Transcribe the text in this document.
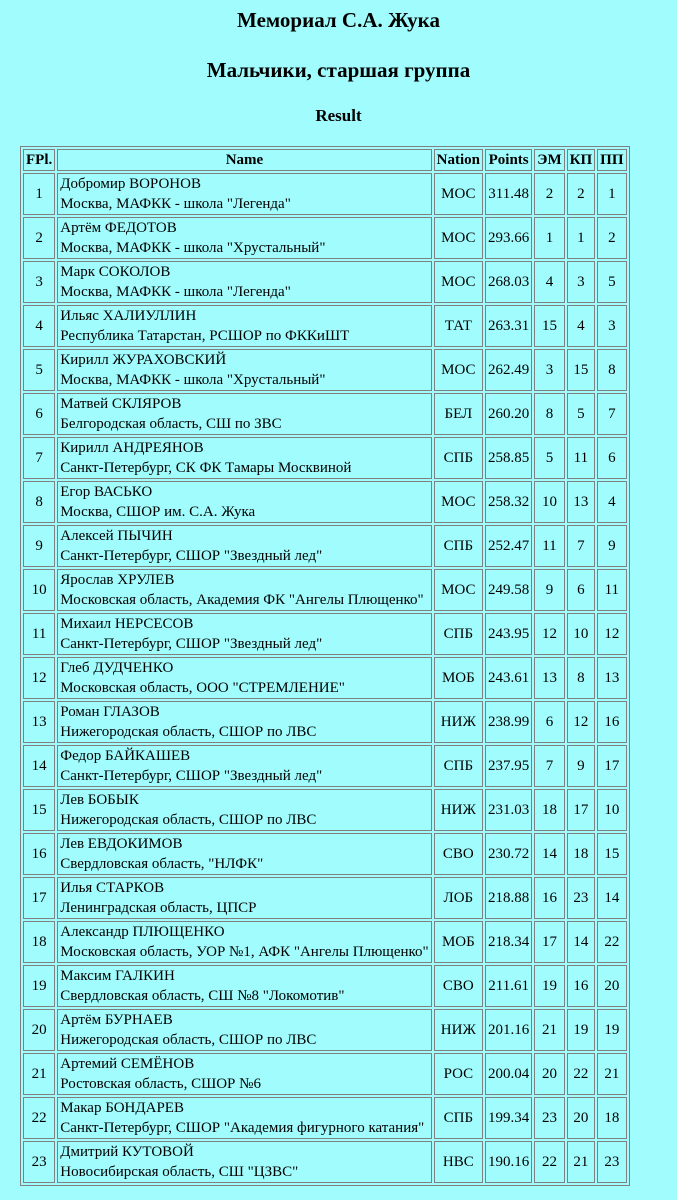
Мемориал С.А. Жука
Мальчики, старшая группа
Result
FPl.	Name	Nation	Points	ЭМ	КП	ПП
1	Добромир ВОРОНОВ
Москва, МАФКК - школа "Легенда"	МОС	311.48	2	2	1
2	Артём ФЕДОТОВ
Москва, МАФКК - школа "Хрустальный"	МОС	293.66	1	1	2
3	Марк СОКОЛОВ
Москва, МАФКК - школа "Легенда"	МОС	268.03	4	3	5
4	Ильяс ХАЛИУЛЛИН
Республика Татарстан, РСШОР по ФККиШТ	ТАТ	263.31	15	4	3
5	Кирилл ЖУРАХОВСКИЙ
Москва, МАФКК - школа "Хрустальный"	МОС	262.49	3	15	8
6	Матвей СКЛЯРОВ
Белгородская область, СШ по ЗВС	БЕЛ	260.20	8	5	7
7	Кирилл АНДРЕЯНОВ
Санкт-Петербург, СК ФК Тамары Москвиной	СПБ	258.85	5	11	6
8	Егор ВАСЬКО
Москва, СШОР им. С.А. Жука	МОС	258.32	10	13	4
9	Алексей ПЫЧИН
Санкт-Петербург, СШОР "Звездный лед"	СПБ	252.47	11	7	9
10	Ярослав ХРУЛЕВ
Московская область, Академия ФК "Ангелы Плющенко"	МОС	249.58	9	6	11
11	Михаил НЕРСЕСОВ
Санкт-Петербург, СШОР "Звездный лед"	СПБ	243.95	12	10	12
12	Глеб ДУДЧЕНКО
Московская область, ООО "СТРЕМЛЕНИЕ"	МОБ	243.61	13	8	13
13	Роман ГЛАЗОВ
Нижегородская область, СШОР по ЛВС	НИЖ	238.99	6	12	16
14	Федор БАЙКАШЕВ
Санкт-Петербург, СШОР "Звездный лед"	СПБ	237.95	7	9	17
15	Лев БОБЫК
Нижегородская область, СШОР по ЛВС	НИЖ	231.03	18	17	10
16	Лев ЕВДОКИМОВ
Свердловская область, "НЛФК"	СВО	230.72	14	18	15
17	Илья СТАРКОВ
Ленинградская область, ЦПСР	ЛОБ	218.88	16	23	14
18	Александр ПЛЮЩЕНКО
Московская область, УОР №1, АФК "Ангелы Плющенко"	МОБ	218.34	17	14	22
19	Максим ГАЛКИН
Свердловская область, СШ №8 "Локомотив"	СВО	211.61	19	16	20
20	Артём БУРНАЕВ
Нижегородская область, СШОР по ЛВС	НИЖ	201.16	21	19	19
21	Артемий СЕМЁНОВ
Ростовская область, СШОР №6	РОС	200.04	20	22	21
22	Макар БОНДАРЕВ
Санкт-Петербург, СШОР "Академия фигурного катания"	СПБ	199.34	23	20	18
23	Дмитрий КУТОВОЙ
Новосибирская область, СШ "ЦЗВС"	НВС	190.16	22	21	23
